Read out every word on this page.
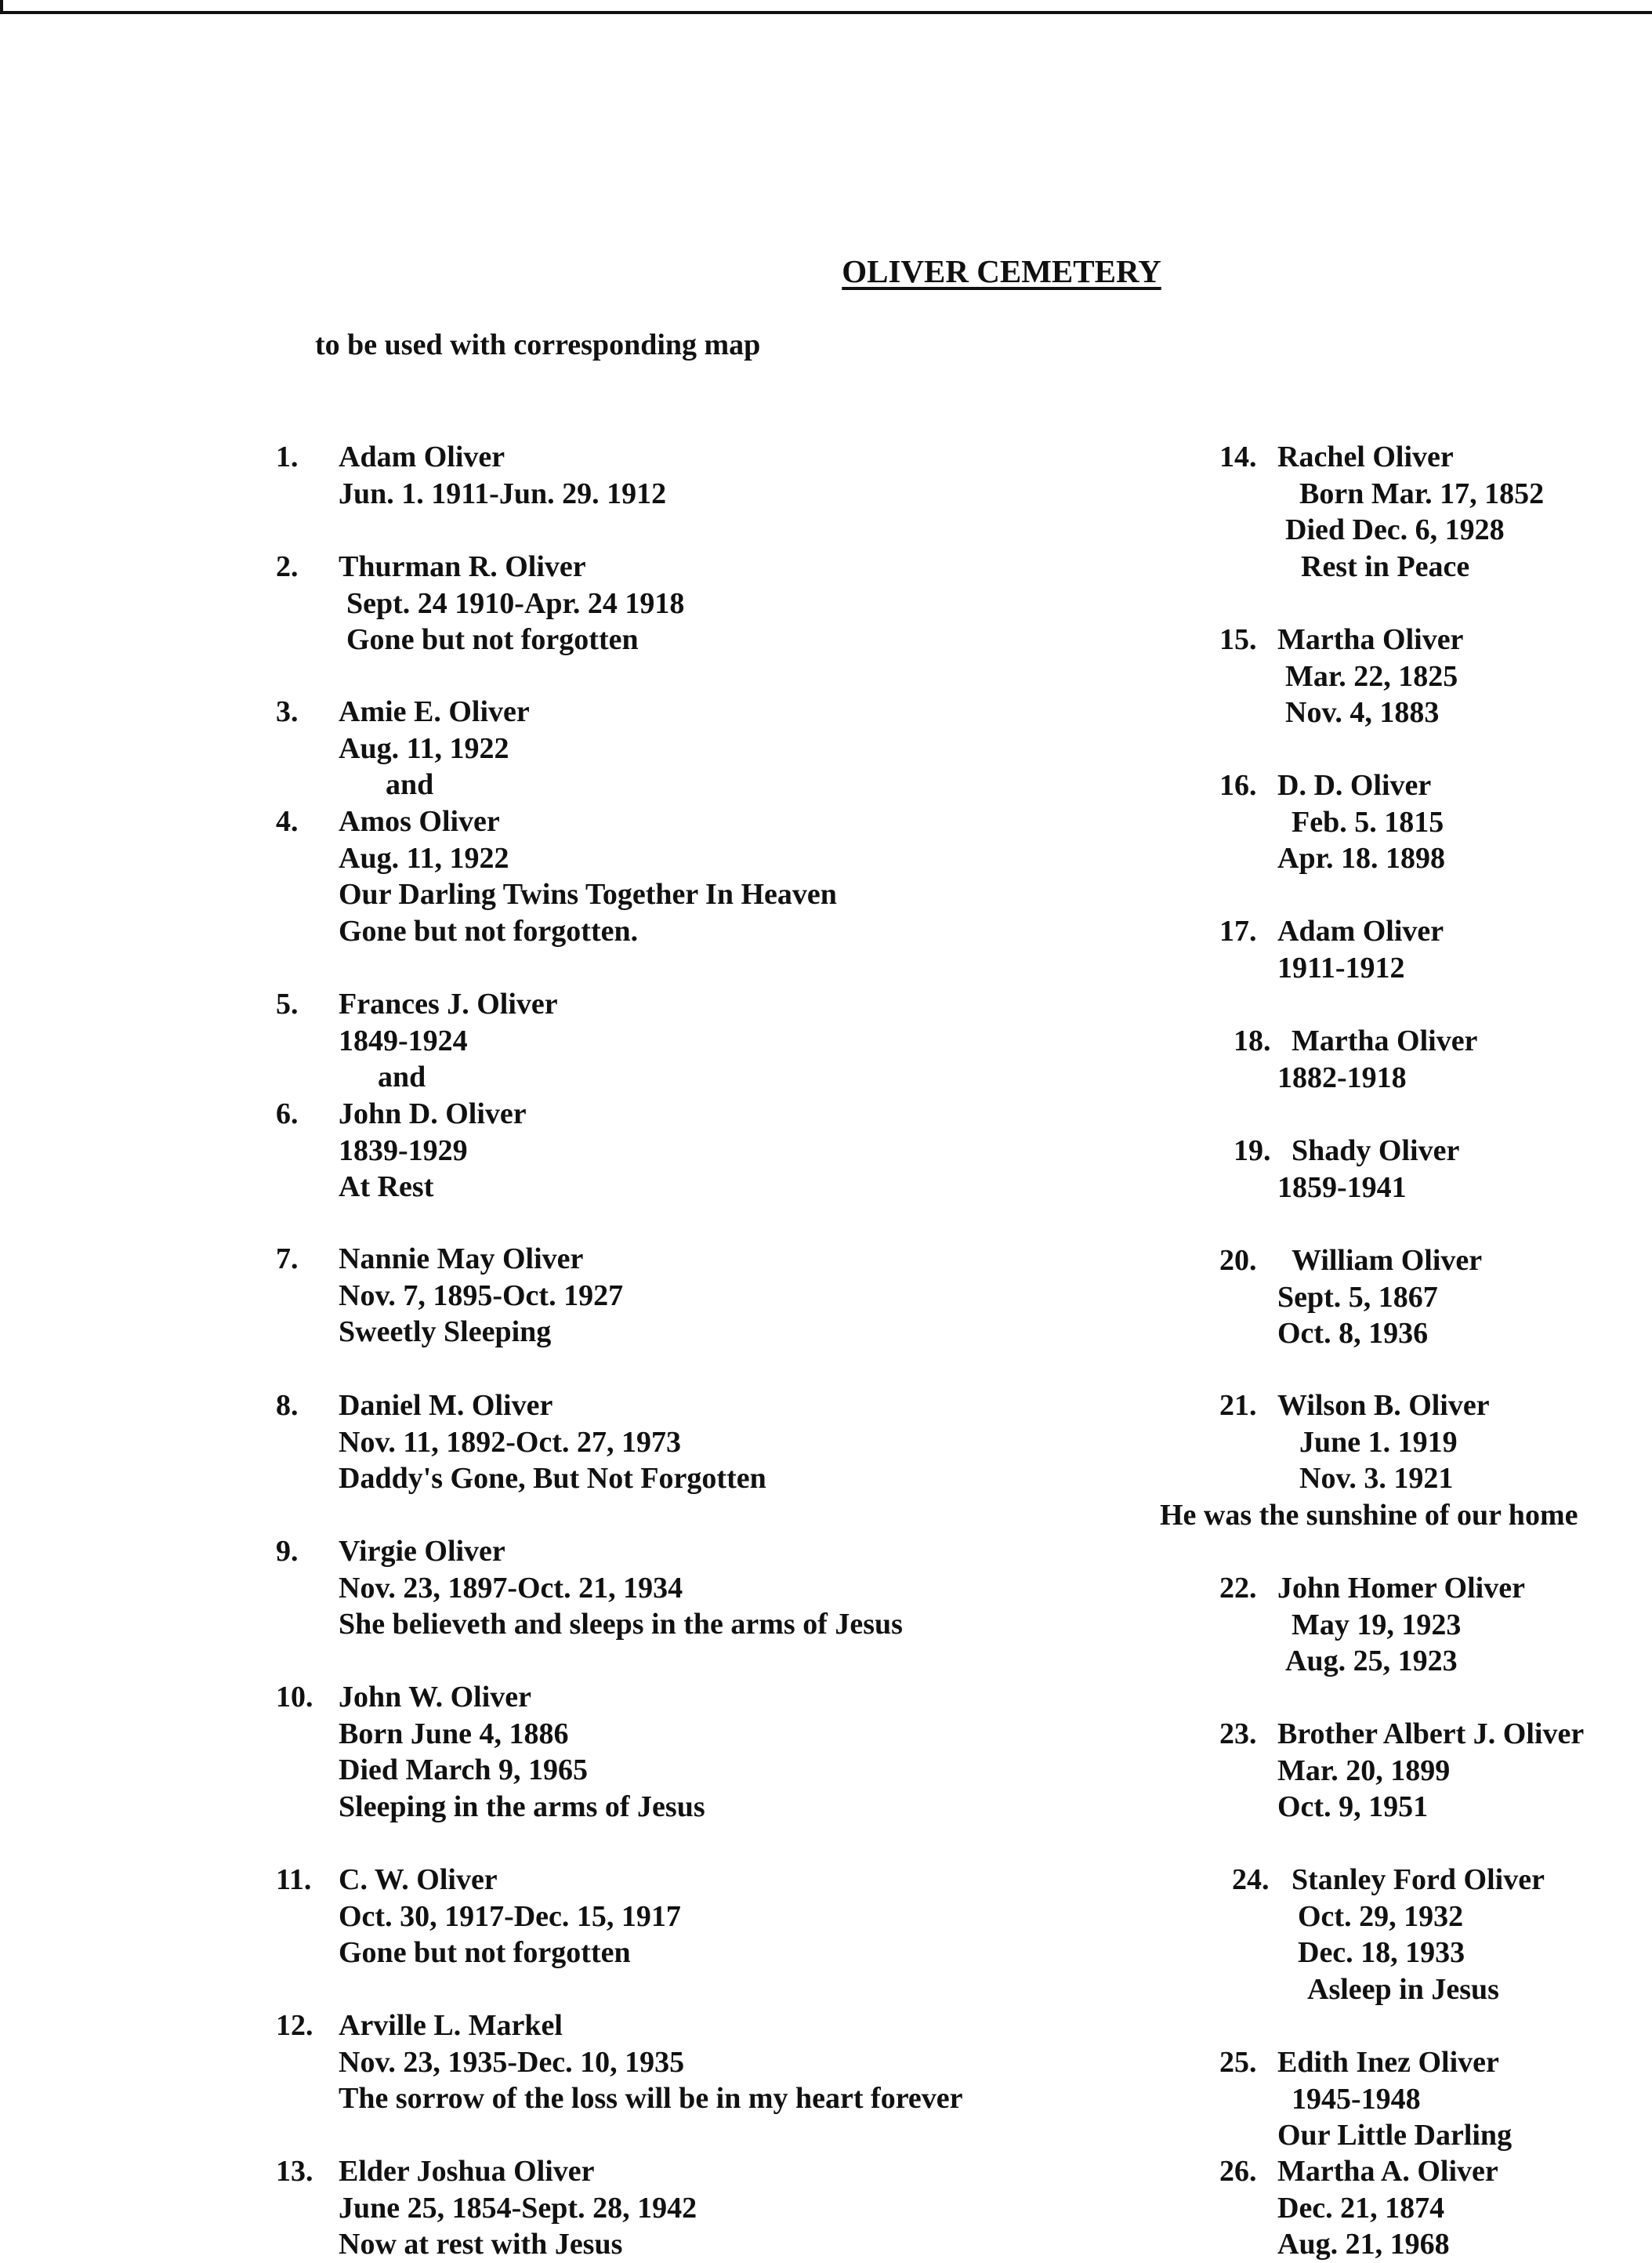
OLIVER CEMETERY
to be used with corresponding map
1. Adam Oliver
Jun. 1. 1911-Jun. 29. 1912
2. Thurman R. Oliver
Sept. 24 1910-Apr. 24 1918
Gone but not forgotten
3. Amie E. Oliver
Aug. 11, 1922
and
4. Amos Oliver
Aug. 11, 1922
Our Darling Twins Together In Heaven
Gone but not forgotten.
5. Frances J. Oliver
1849-1924
and
6. John D. Oliver
1839-1929
At Rest
7. Nannie May Oliver
Nov. 7, 1895-Oct. 1927
Sweetly Sleeping
8. Daniel M. Oliver
Nov. 11, 1892-Oct. 27, 1973
Daddy's Gone, But Not Forgotten
9. Virgie Oliver
Nov. 23, 1897-Oct. 21, 1934
She believeth and sleeps in the arms of Jesus
10. John W. Oliver
Born June 4, 1886
Died March 9, 1965
Sleeping in the arms of Jesus
11. C. W. Oliver
Oct. 30, 1917-Dec. 15, 1917
Gone but not forgotten
12. Arville L. Markel
Nov. 23, 1935-Dec. 10, 1935
The sorrow of the loss will be in my heart forever
13. Elder Joshua Oliver
June 25, 1854-Sept. 28, 1942
Now at rest with Jesus
14. Rachel Oliver
Born Mar. 17, 1852
Died Dec. 6, 1928
Rest in Peace
15. Martha Oliver
Mar. 22, 1825
Nov. 4, 1883
16. D. D. Oliver
Feb. 5. 1815
Apr. 18. 1898
17. Adam Oliver
1911-1912
18. Martha Oliver
1882-1918
19. Shady Oliver
1859-1941
20. William Oliver
Sept. 5, 1867
Oct. 8, 1936
21. Wilson B. Oliver
June 1. 1919
Nov. 3. 1921
He was the sunshine of our home
22. John Homer Oliver
May 19, 1923
Aug. 25, 1923
23. Brother Albert J. Oliver
Mar. 20, 1899
Oct. 9, 1951
24. Stanley Ford Oliver
Oct. 29, 1932
Dec. 18, 1933
Asleep in Jesus
25. Edith Inez Oliver
1945-1948
Our Little Darling
26. Martha A. Oliver
Dec. 21, 1874
Aug. 21, 1968
